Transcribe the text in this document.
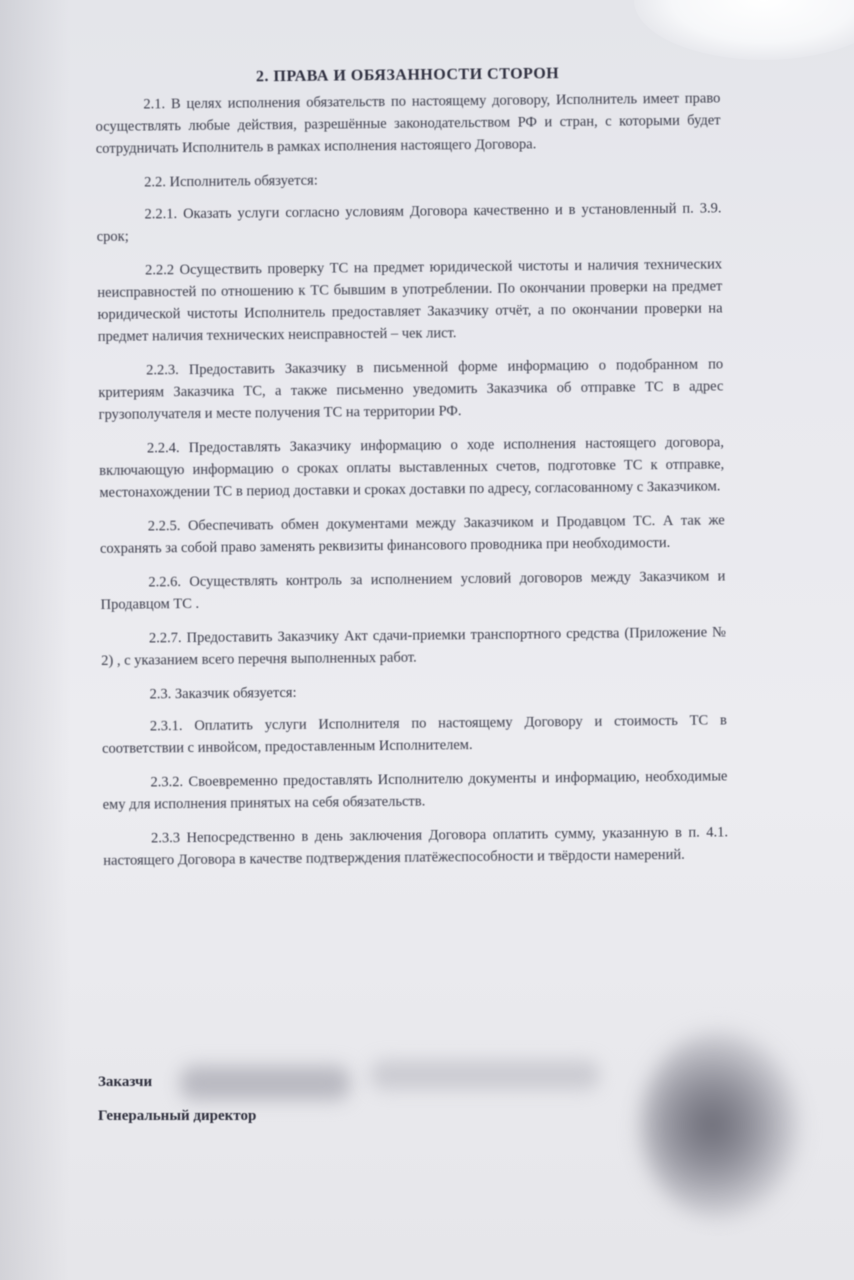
2. ПРАВА И ОБЯЗАННОСТИ СТОРОН

2.1. В целях исполнения обязательств по настоящему договору, Исполнитель имеет право осуществлять любые действия, разрешённые законодательством РФ и стран, с которыми будет сотрудничать Исполнитель в рамках исполнения настоящего Договора.

2.2. Исполнитель обязуется:

2.2.1. Оказать услуги согласно условиям Договора качественно и в установленный п. 3.9. срок;

2.2.2 Осуществить проверку ТС на предмет юридической чистоты и наличия технических неисправностей по отношению к ТС бывшим в употреблении. По окончании проверки на предмет юридической чистоты Исполнитель предоставляет Заказчику отчёт, а по окончании проверки на предмет наличия технических неисправностей – чек лист.

2.2.3. Предоставить Заказчику в письменной форме информацию о подобранном по критериям Заказчика ТС, а также письменно уведомить Заказчика об отправке ТС в адрес грузополучателя и месте получения ТС на территории РФ.

2.2.4. Предоставлять Заказчику информацию о ходе исполнения настоящего договора, включающую информацию о сроках оплаты выставленных счетов, подготовке ТС к отправке, местонахождении ТС в период доставки и сроках доставки по адресу, согласованному с Заказчиком.

2.2.5. Обеспечивать обмен документами между Заказчиком и Продавцом ТС. А так же сохранять за собой право заменять реквизиты финансового проводника при необходимости.

2.2.6. Осуществлять контроль за исполнением условий договоров между Заказчиком и Продавцом ТС .

2.2.7. Предоставить Заказчику Акт сдачи-приемки транспортного средства (Приложение № 2) , с указанием всего перечня выполненных работ.

2.3. Заказчик обязуется:

2.3.1. Оплатить услуги Исполнителя по настоящему Договору и стоимость ТС в соответствии с инвойсом, предоставленным Исполнителем.

2.3.2. Своевременно предоставлять Исполнителю документы и информацию, необходимые ему для исполнения принятых на себя обязательств.

2.3.3 Непосредственно в день заключения Договора оплатить сумму, указанную в п. 4.1. настоящего Договора в качестве подтверждения платёжеспособности и твёрдости намерений.

Заказчи
Генеральный директор
